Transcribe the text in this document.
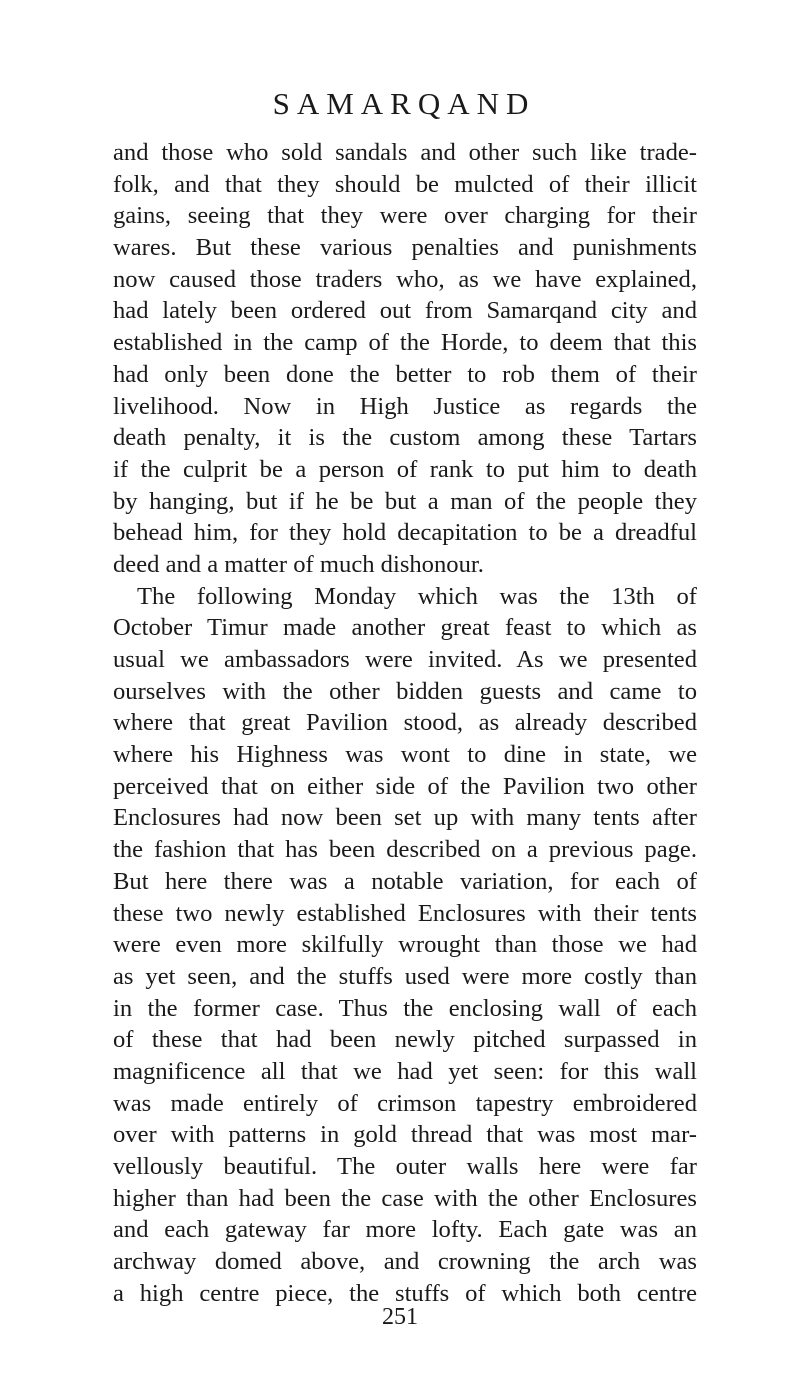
SAMARQAND
and those who sold sandals and other such like trade-
folk, and that they should be mulcted of their illicit
gains, seeing that they were over charging for their
wares. But these various penalties and punishments
now caused those traders who, as we have explained,
had lately been ordered out from Samarqand city and
established in the camp of the Horde, to deem that this
had only been done the better to rob them of their
livelihood. Now in High Justice as regards the
death penalty, it is the custom among these Tartars
if the culprit be a person of rank to put him to death
by hanging, but if he be but a man of the people they
behead him, for they hold decapitation to be a dreadful
deed and a matter of much dishonour.
The following Monday which was the 13th of
October Timur made another great feast to which as
usual we ambassadors were invited. As we presented
ourselves with the other bidden guests and came to
where that great Pavilion stood, as already described
where his Highness was wont to dine in state, we
perceived that on either side of the Pavilion two other
Enclosures had now been set up with many tents after
the fashion that has been described on a previous page.
But here there was a notable variation, for each of
these two newly established Enclosures with their tents
were even more skilfully wrought than those we had
as yet seen, and the stuffs used were more costly than
in the former case. Thus the enclosing wall of each
of these that had been newly pitched surpassed in
magnificence all that we had yet seen: for this wall
was made entirely of crimson tapestry embroidered
over with patterns in gold thread that was most mar-
vellously beautiful. The outer walls here were far
higher than had been the case with the other Enclosures
and each gateway far more lofty. Each gate was an
archway domed above, and crowning the arch was
a high centre piece, the stuffs of which both centre
251
